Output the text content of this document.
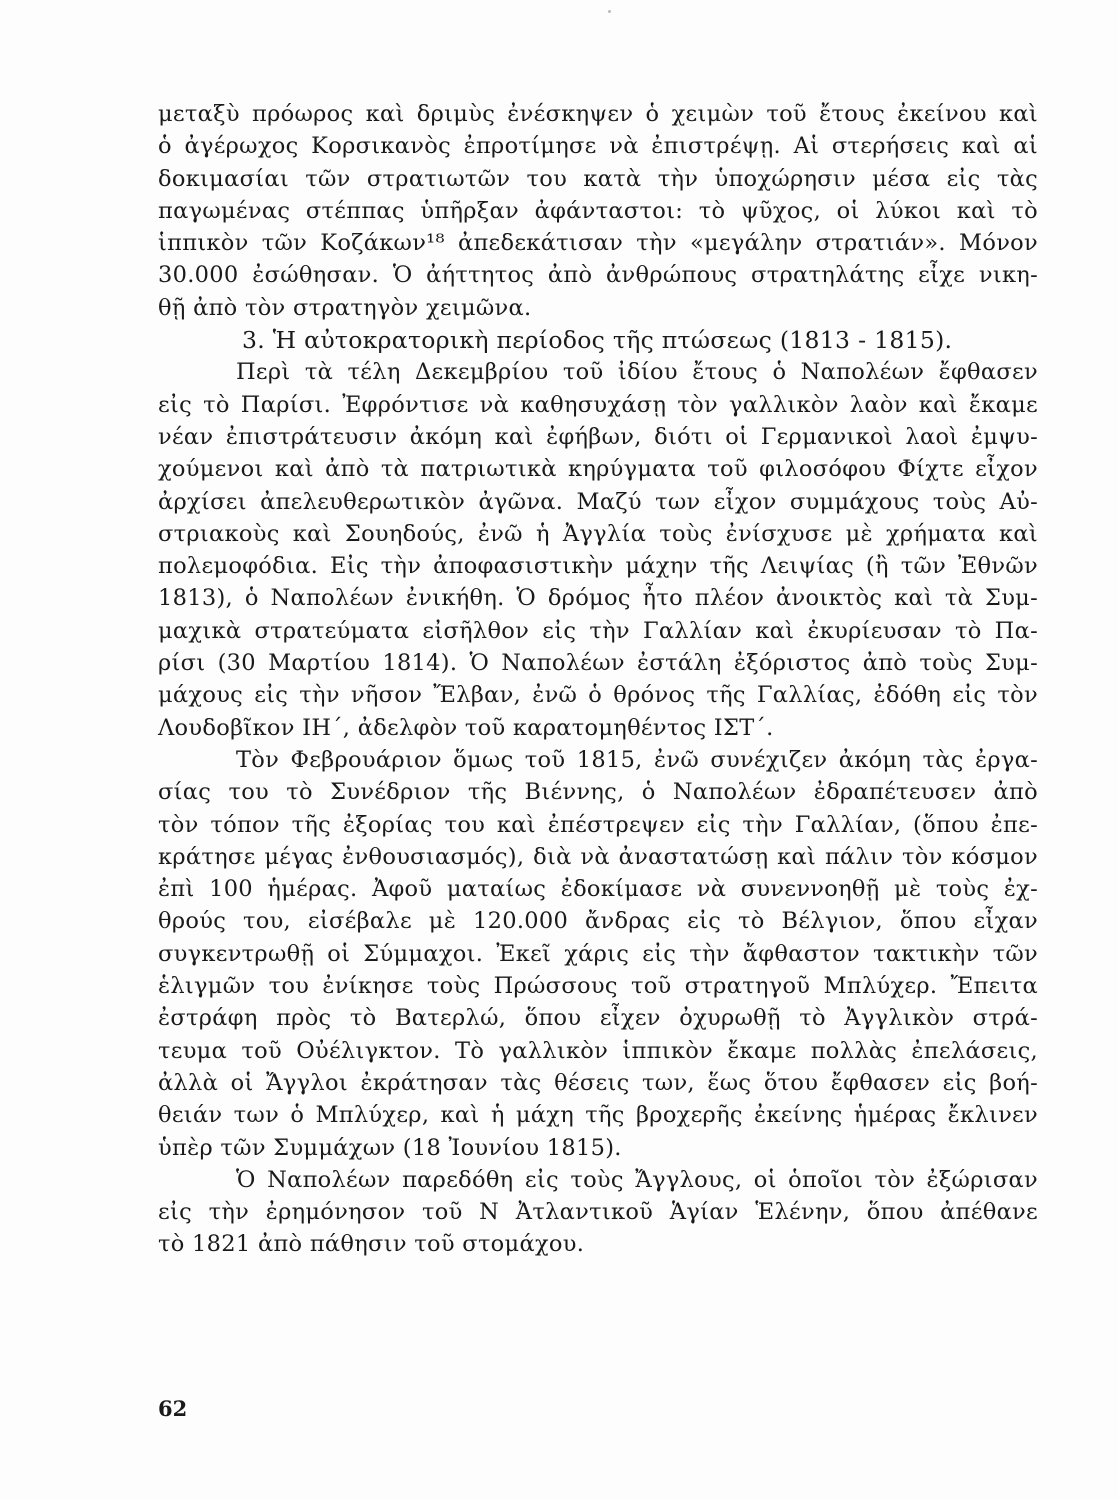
μεταξὺ πρόωρος καὶ δριμὺς ἐνέσκηψεν ὁ χειμὼν τοῦ ἔτους ἐκείνου καὶ
ὁ ἀγέρωχος Κορσικανὸς ἐπροτίμησε νὰ ἐπιστρέψῃ. Αἱ στερήσεις καὶ αἱ
δοκιμασίαι τῶν στρατιωτῶν του κατὰ τὴν ὑποχώρησιν μέσα εἰς τὰς
παγωμένας στέππας ὑπῆρξαν ἀφάνταστοι: τὸ ψῦχος, οἱ λύκοι καὶ τὸ
ἱππικὸν τῶν Κοζάκων¹⁸ ἀπεδεκάτισαν τὴν «μεγάλην στρατιάν». Μόνον
30.000 ἐσώθησαν. Ὁ ἀήττητος ἀπὸ ἀνθρώπους στρατηλάτης εἶχε νικη-
θῇ ἀπὸ τὸν στρατηγὸν χειμῶνα.
3. Ἡ αὐτοκρατορικὴ περίοδος τῆς πτώσεως (1813 - 1815).
Περὶ τὰ τέλη Δεκεμβρίου τοῦ ἰδίου ἔτους ὁ Ναπολέων ἔφθασεν
εἰς τὸ Παρίσι. Ἐφρόντισε νὰ καθησυχάσῃ τὸν γαλλικὸν λαὸν καὶ ἔκαμε
νέαν ἐπιστράτευσιν ἀκόμη καὶ ἐφήβων, διότι οἱ Γερμανικοὶ λαοὶ ἐμψυ-
χούμενοι καὶ ἀπὸ τὰ πατριωτικὰ κηρύγματα τοῦ φιλοσόφου Φίχτε εἶχον
ἀρχίσει ἀπελευθερωτικὸν ἀγῶνα. Μαζύ των εἶχον συμμάχους τοὺς Αὐ-
στριακοὺς καὶ Σουηδούς, ἐνῶ ἡ Ἀγγλία τοὺς ἐνίσχυσε μὲ χρήματα καὶ
πολεμοφόδια. Εἰς τὴν ἀποφασιστικὴν μάχην τῆς Λειψίας (ἢ τῶν Ἐθνῶν
1813), ὁ Ναπολέων ἐνικήθη. Ὁ δρόμος ἦτο πλέον ἀνοικτὸς καὶ τὰ Συμ-
μαχικὰ στρατεύματα εἰσῆλθον εἰς τὴν Γαλλίαν καὶ ἐκυρίευσαν τὸ Πα-
ρίσι (30 Μαρτίου 1814). Ὁ Ναπολέων ἐστάλη ἐξόριστος ἀπὸ τοὺς Συμ-
μάχους εἰς τὴν νῆσον Ἔλβαν, ἐνῶ ὁ θρόνος τῆς Γαλλίας, ἐδόθη εἰς τὸν
Λουδοβῖκον ΙΗ΄, ἀδελφὸν τοῦ καρατομηθέντος ΙΣΤ΄.
Τὸν Φεβρουάριον ὅμως τοῦ 1815, ἐνῶ συνέχιζεν ἀκόμη τὰς ἐργα-
σίας του τὸ Συνέδριον τῆς Βιέννης, ὁ Ναπολέων ἐδραπέτευσεν ἀπὸ
τὸν τόπον τῆς ἐξορίας του καὶ ἐπέστρεψεν εἰς τὴν Γαλλίαν, (ὅπου ἐπε-
κράτησε μέγας ἐνθουσιασμός), διὰ νὰ ἀναστατώσῃ καὶ πάλιν τὸν κόσμον
ἐπὶ 100 ἡμέρας. Ἀφοῦ ματαίως ἐδοκίμασε νὰ συνεννοηθῇ μὲ τοὺς ἐχ-
θρούς του, εἰσέβαλε μὲ 120.000 ἄνδρας εἰς τὸ Βέλγιον, ὅπου εἶχαν
συγκεντρωθῇ οἱ Σύμμαχοι. Ἐκεῖ χάρις εἰς τὴν ἄφθαστον τακτικὴν τῶν
ἑλιγμῶν του ἐνίκησε τοὺς Πρώσσους τοῦ στρατηγοῦ Μπλύχερ. Ἔπειτα
ἐστράφη πρὸς τὸ Βατερλώ, ὅπου εἶχεν ὀχυρωθῇ τὸ Ἀγγλικὸν στρά-
τευμα τοῦ Οὐέλιγκτον. Τὸ γαλλικὸν ἱππικὸν ἔκαμε πολλὰς ἐπελάσεις,
ἀλλὰ οἱ Ἄγγλοι ἐκράτησαν τὰς θέσεις των, ἕως ὅτου ἔφθασεν εἰς βοή-
θειάν των ὁ Μπλύχερ, καὶ ἡ μάχη τῆς βροχερῆς ἐκείνης ἡμέρας ἔκλινεν
ὑπὲρ τῶν Συμμάχων (18 Ἰουνίου 1815).
Ὁ Ναπολέων παρεδόθη εἰς τοὺς Ἄγγλους, οἱ ὁποῖοι τὸν ἐξώρισαν
εἰς τὴν ἐρημόνησον τοῦ Ν Ἀτλαντικοῦ Ἁγίαν Ἑλένην, ὅπου ἀπέθανε
τὸ 1821 ἀπὸ πάθησιν τοῦ στομάχου.
62
